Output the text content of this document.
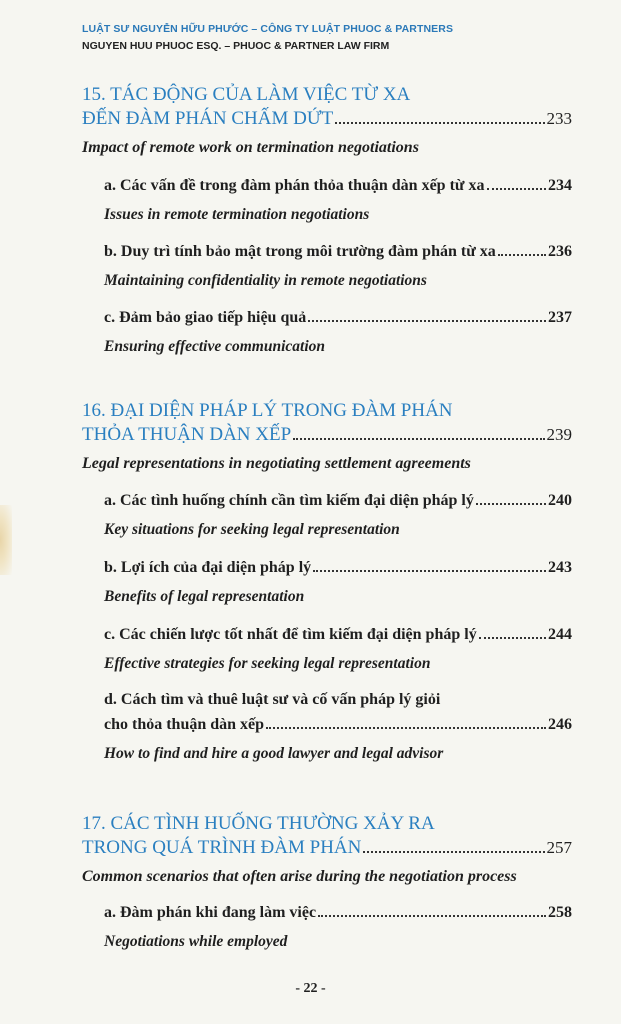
LUẬT SƯ NGUYỄN HỮU PHƯỚC – CÔNG TY LUẬT PHUOC & PARTNERS
NGUYEN HUU PHUOC ESQ. – PHUOC & PARTNER LAW FIRM
15. TÁC ĐỘNG CỦA LÀM VIỆC TỪ XA
ĐẾN ĐÀM PHÁN CHẤM DỨT	233
Impact of remote work on termination negotiations
a. Các vấn đề trong đàm phán thỏa thuận dàn xếp từ xa	234
Issues in remote termination negotiations
b. Duy trì tính bảo mật trong môi trường đàm phán từ xa	236
Maintaining confidentiality in remote negotiations
c. Đảm bảo giao tiếp hiệu quả	237
Ensuring effective communication
16. ĐẠI DIỆN PHÁP LÝ TRONG ĐÀM PHÁN
THỎA THUẬN DÀN XẾP	239
Legal representations in negotiating settlement agreements
a. Các tình huống chính cần tìm kiếm đại diện pháp lý	240
Key situations for seeking legal representation
b. Lợi ích của đại diện pháp lý	243
Benefits of legal representation
c. Các chiến lược tốt nhất để tìm kiếm đại diện pháp lý	244
Effective strategies for seeking legal representation
d. Cách tìm và thuê luật sư và cố vấn pháp lý giỏi
cho thỏa thuận dàn xếp	246
How to find and hire a good lawyer and legal advisor
17. CÁC TÌNH HUỐNG THƯỜNG XẢY RA
TRONG QUÁ TRÌNH ĐÀM PHÁN	257
Common scenarios that often arise during the negotiation process
a. Đàm phán khi đang làm việc	258
Negotiations while employed
- 22 -
